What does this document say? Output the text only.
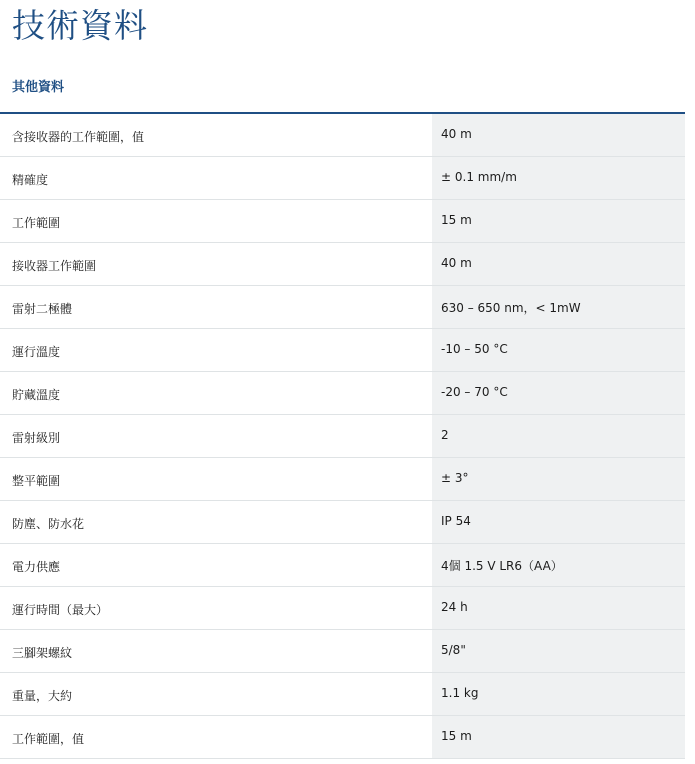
技術資料
其他資料
含接收器的工作範圍，值	40 m
精確度	± 0.1 mm/m
工作範圍	15 m
接收器工作範圍	40 m
雷射二極體	630 – 650 nm，< 1mW
運行溫度	-10 – 50 °C
貯藏溫度	-20 – 70 °C
雷射級別	2
整平範圍	± 3°
防塵、防水花	IP 54
電力供應	4個 1.5 V LR6（AA）
運行時間（最大）	24 h
三腳架螺紋	5/8"
重量，大約	1.1 kg
工作範圍，值	15 m
